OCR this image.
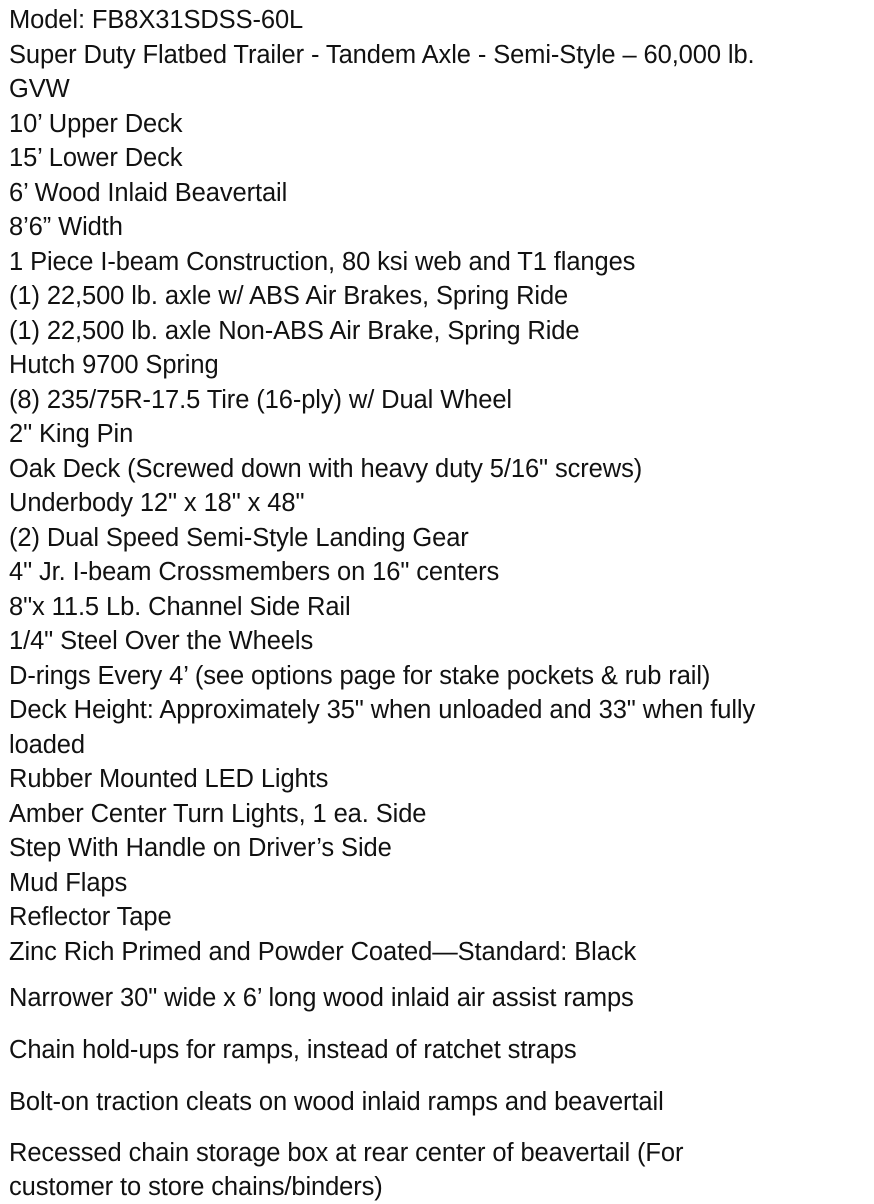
Model: FB8X31SDSS-60L

Super Duty Flatbed Trailer - Tandem Axle - Semi-Style – 60,000 lb.

GVW

10’ Upper Deck

15’ Lower Deck

6’ Wood Inlaid Beavertail

8’6” Width

1 Piece I-beam Construction, 80 ksi web and T1 flanges

(1) 22,500 lb. axle w/ ABS Air Brakes, Spring Ride

(1) 22,500 lb. axle Non-ABS Air Brake, Spring Ride

Hutch 9700 Spring

(8) 235/75R-17.5 Tire (16-ply) w/ Dual Wheel

2" King Pin

Oak Deck (Screwed down with heavy duty 5/16" screws)

Underbody 12" x 18" x 48"

(2) Dual Speed Semi-Style Landing Gear

4" Jr. I-beam Crossmembers on 16" centers

8"x 11.5 Lb. Channel Side Rail

1/4" Steel Over the Wheels

D-rings Every 4’ (see options page for stake pockets & rub rail)

Deck Height: Approximately 35" when unloaded and 33" when fully

loaded

Rubber Mounted LED Lights

Amber Center Turn Lights, 1 ea. Side

Step With Handle on Driver’s Side

Mud Flaps

Reflector Tape

Zinc Rich Primed and Powder Coated—Standard: Black

Narrower 30" wide x 6’ long wood inlaid air assist ramps

Chain hold-ups for ramps, instead of ratchet straps

Bolt-on traction cleats on wood inlaid ramps and beavertail

Recessed chain storage box at rear center of beavertail (For

customer to store chains/binders)
